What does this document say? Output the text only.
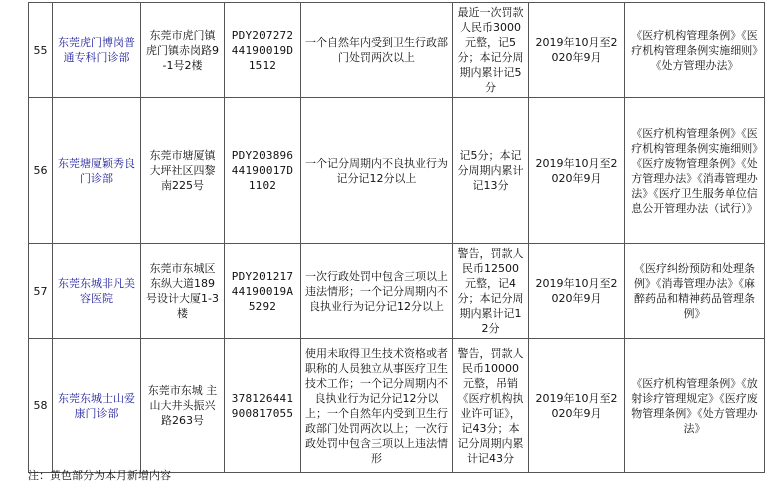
55	东莞虎门博岗普通专科门诊部	东莞市虎门镇虎门镇赤岗路9-1号2楼	PDY20727244190019D1512	一个自然年内受到卫生行政部门处罚两次以上	最近一次罚款人民币3000元整，记5分；本记分周期内累计记5分	2019年10月至2020年9月	《医疗机构管理条例》《医疗机构管理条例实施细则》《处方管理办法》
56	东莞塘厦颖秀良门诊部	东莞市塘厦镇大坪社区四黎南225号	PDY20389644190017D1102	一个记分周期内不良执业行为记分记12分以上	记5分；本记分周期内累计记13分	2019年10月至2020年9月	《医疗机构管理条例》《医疗机构管理条例实施细则》《医疗废物管理条例》《处方管理办法》《消毒管理办法》《医疗卫生服务单位信息公开管理办法（试行）》
57	东莞东城非凡美容医院	东莞市东城区东纵大道189号设计大厦1-3楼	PDY20121744190019A5292	一次行政处罚中包含三项以上违法情形；一个记分周期内不良执业行为记分记12分以上	警告，罚款人民币12500元整，记4分；本记分周期内累计记12分	2019年10月至2020年9月	《医疗纠纷预防和处理条例》《消毒管理办法》《麻醉药品和精神药品管理条例》
58	东莞东城士山爱康门诊部	东莞市东城 主山大井头振兴路263号	378126441900817055	使用未取得卫生技术资格或者职称的人员独立从事医疗卫生技术工作；一个记分周期内不良执业行为记分记12分以上；一个自然年内受到卫生行政部门处罚两次以上；一次行政处罚中包含三项以上违法情形	警告，罚款人民币10000元整，吊销《医疗机构执业许可证》，记43分；本记分周期内累计记43分	2019年10月至2020年9月	《医疗机构管理条例》《放射诊疗管理规定》《医疗废物管理条例》《处方管理办法》
注：黄色部分为本月新增内容
